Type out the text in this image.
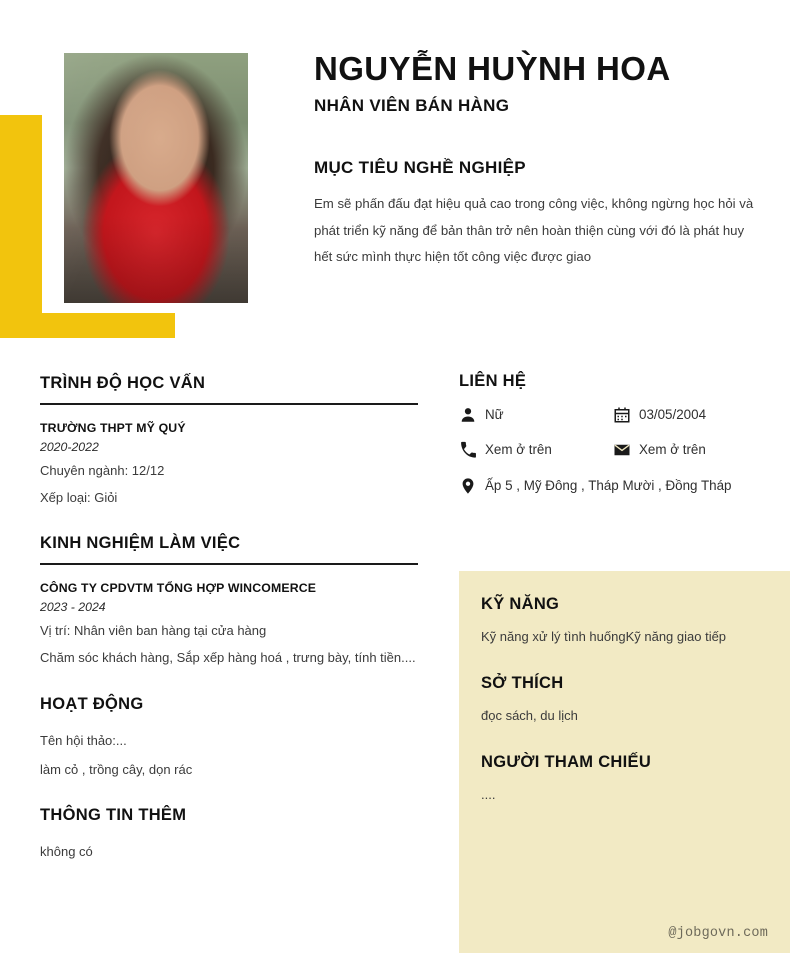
NGUYỄN HUỲNH HOA
NHÂN VIÊN BÁN HÀNG
MỤC TIÊU NGHỀ NGHIỆP
Em sẽ phấn đấu đạt hiệu quả cao trong công việc, không ngừng học hỏi và phát triển kỹ năng để bản thân trở nên hoàn thiện cùng với đó là phát huy hết sức mình thực hiện tốt công việc được giao
TRÌNH ĐỘ HỌC VẤN
TRƯỜNG THPT MỸ QUÝ
2020-2022
Chuyên ngành: 12/12
Xếp loại: Giỏi
KINH NGHIỆM LÀM VIỆC
CÔNG TY CPDVTM TỔNG HỢP WINCOMERCE
2023 - 2024
Vị trí: Nhân viên ban hàng tại cửa hàng
Chăm sóc khách hàng, Sắp xếp hàng hoá , trưng bày, tính tiền....
HOẠT ĐỘNG
Tên hội thảo:...
làm cỏ , trồng cây, dọn rác
THÔNG TIN THÊM
không có
LIÊN HỆ
Nữ	03/05/2004
Xem ở trên	Xem ở trên
Ấp 5 , Mỹ Đông , Tháp Mười , Đồng Tháp
KỸ NĂNG
Kỹ năng xử lý tình huốngKỹ năng giao tiếp
SỞ THÍCH
đọc sách, du lịch
NGƯỜI THAM CHIẾU
....
@jobgovn.com
